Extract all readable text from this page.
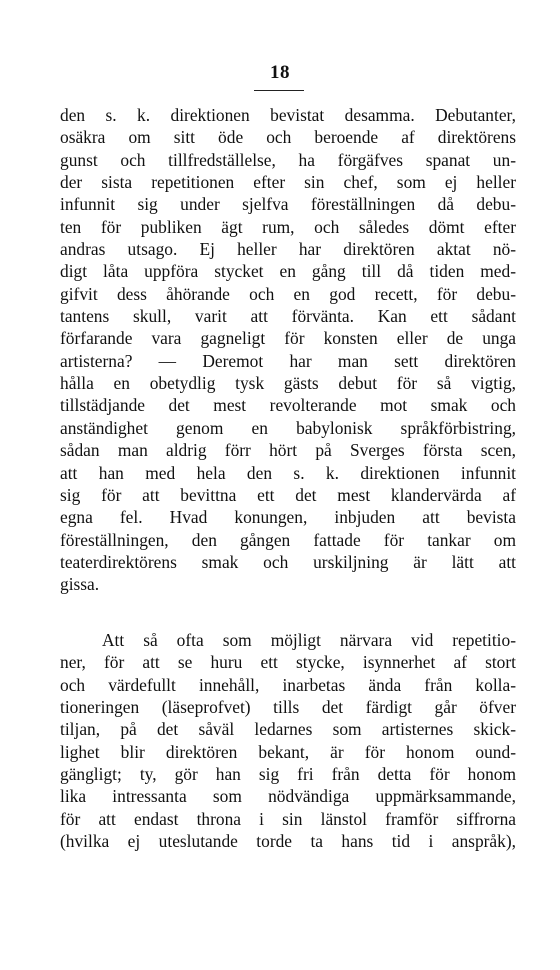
18
den s. k. direktionen bevistat desamma. Debutanter,
osäkra om sitt öde och beroende af direktörens
gunst och tillfredställelse, ha förgäfves spanat un-
der sista repetitionen efter sin chef, som ej heller
infunnit sig under sjelfva föreställningen då debu-
ten för publiken ägt rum, och således dömt efter
andras utsago. Ej heller har direktören aktat nö-
digt låta uppföra stycket en gång till då tiden med-
gifvit dess åhörande och en god recett, för debu-
tantens skull, varit att förvänta. Kan ett sådant
förfarande vara gagneligt för konsten eller de unga
artisterna? — Deremot har man sett direktören
hålla en obetydlig tysk gästs debut för så vigtig,
tillstädjande det mest revolterande mot smak och
anständighet genom en babylonisk språkförbistring,
sådan man aldrig förr hört på Sverges första scen,
att han med hela den s. k. direktionen infunnit
sig för att bevittna ett det mest klandervärda af
egna fel. Hvad konungen, inbjuden att bevista
föreställningen, den gången fattade för tankar om
teaterdirektörens smak och urskiljning är lätt att
gissa.
Att så ofta som möjligt närvara vid repetitio-
ner, för att se huru ett stycke, isynnerhet af stort
och värdefullt innehåll, inarbetas ända från kolla-
tioneringen (läseprofvet) tills det färdigt går öfver
tiljan, på det såväl ledarnes som artisternes skick-
lighet blir direktören bekant, är för honom ound-
gängligt; ty, gör han sig fri från detta för honom
lika intressanta som nödvändiga uppmärksammande,
för att endast throna i sin länstol framför siffrorna
(hvilka ej uteslutande torde ta hans tid i anspråk),
